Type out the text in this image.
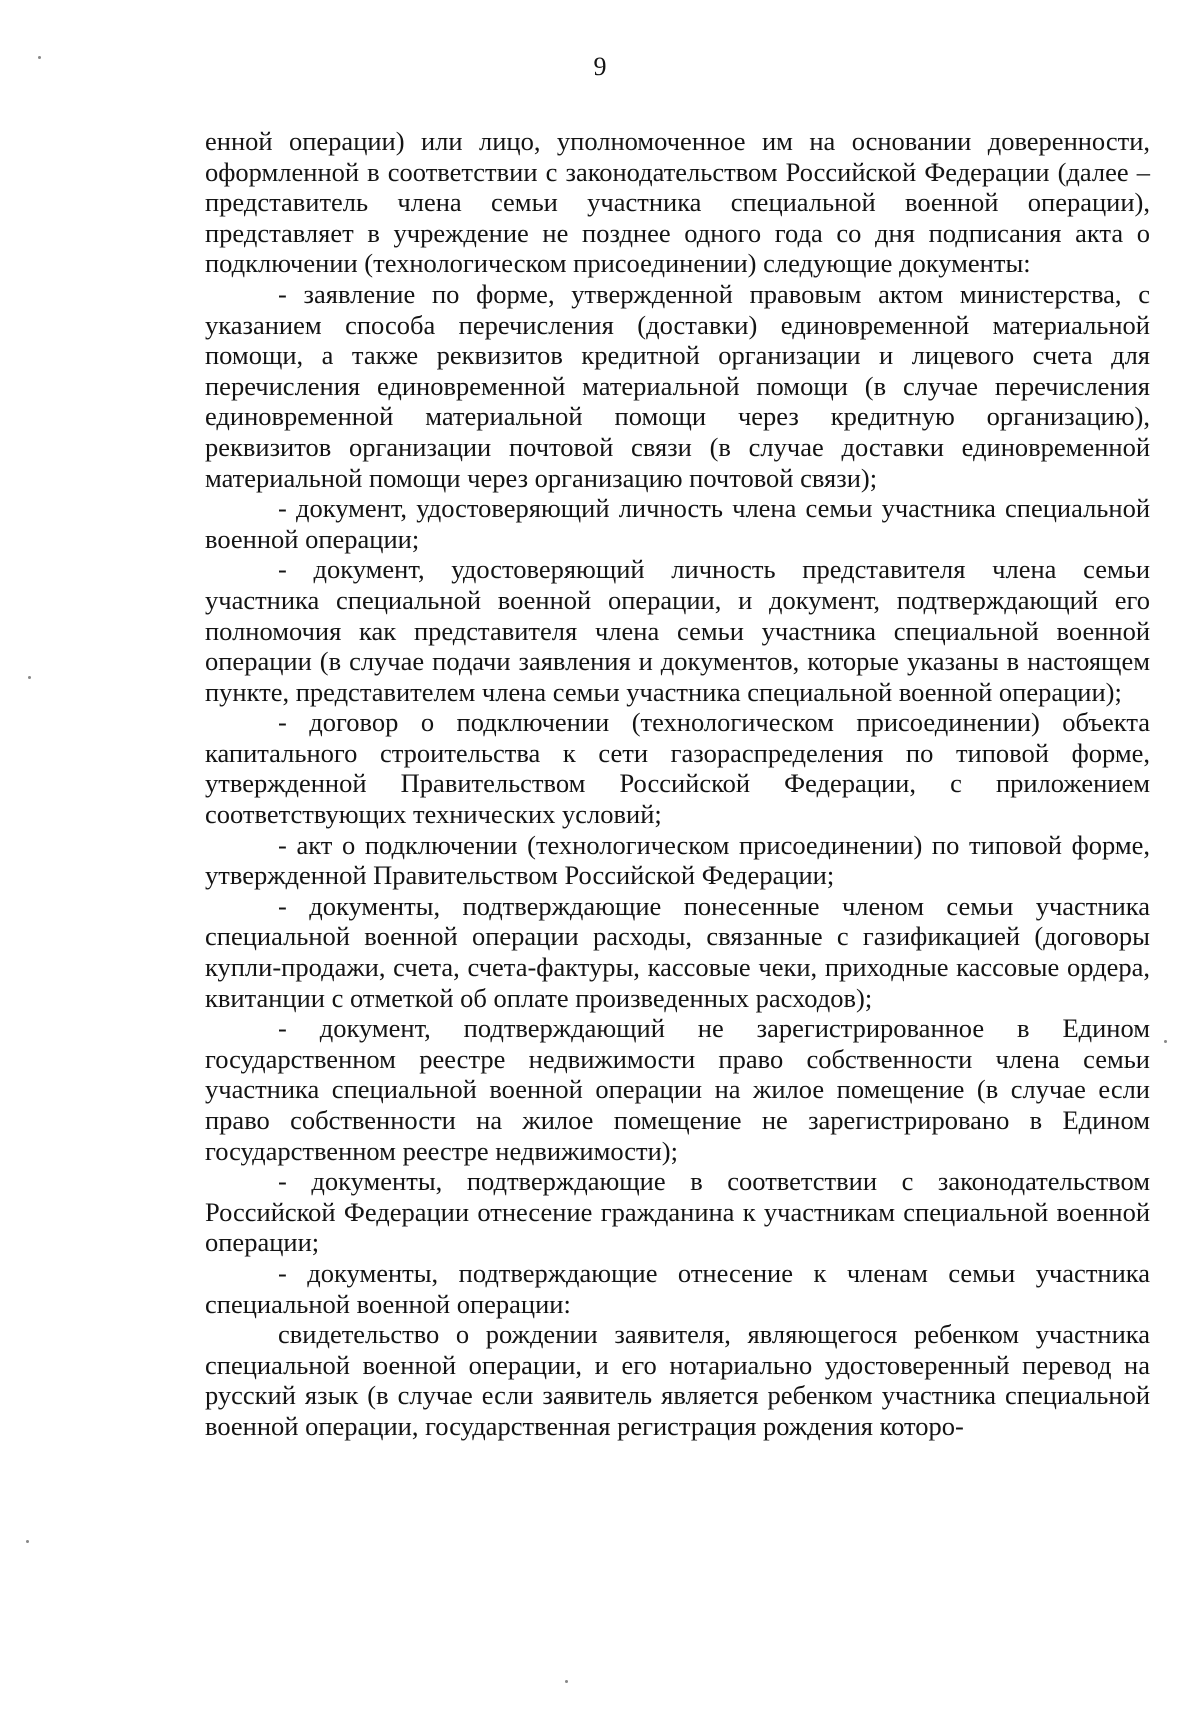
9

енной операции) или лицо, уполномоченное им на основании доверенности, оформленной в соответствии с законодательством Российской Федерации (далее – представитель члена семьи участника специальной военной операции), представляет в учреждение не позднее одного года со дня подписания акта о подключении (технологическом присоединении) следующие документы:

- заявление по форме, утвержденной правовым актом министерства, с указанием способа перечисления (доставки) единовременной материальной помощи, а также реквизитов кредитной организации и лицевого счета для перечисления единовременной материальной помощи (в случае перечисления единовременной материальной помощи через кредитную организацию), реквизитов организации почтовой связи (в случае доставки единовременной материальной помощи через организацию почтовой связи);

- документ, удостоверяющий личность члена семьи участника специальной военной операции;

- документ, удостоверяющий личность представителя члена семьи участника специальной военной операции, и документ, подтверждающий его полномочия как представителя члена семьи участника специальной военной операции (в случае подачи заявления и документов, которые указаны в настоящем пункте, представителем члена семьи участника специальной военной операции);

- договор о подключении (технологическом присоединении) объекта капитального строительства к сети газораспределения по типовой форме, утвержденной Правительством Российской Федерации, с приложением соответствующих технических условий;

- акт о подключении (технологическом присоединении) по типовой форме, утвержденной Правительством Российской Федерации;

- документы, подтверждающие понесенные членом семьи участника специальной военной операции расходы, связанные с газификацией (договоры купли-продажи, счета, счета-фактуры, кассовые чеки, приходные кассовые ордера, квитанции с отметкой об оплате произведенных расходов);

- документ, подтверждающий не зарегистрированное в Едином государственном реестре недвижимости право собственности члена семьи участника специальной военной операции на жилое помещение (в случае если право собственности на жилое помещение не зарегистрировано в Едином государственном реестре недвижимости);

- документы, подтверждающие в соответствии с законодательством Российской Федерации отнесение гражданина к участникам специальной военной операции;

- документы, подтверждающие отнесение к членам семьи участника специальной военной операции:

свидетельство о рождении заявителя, являющегося ребенком участника специальной военной операции, и его нотариально удостоверенный перевод на русский язык (в случае если заявитель является ребенком участника специальной военной операции, государственная регистрация рождения которо-
